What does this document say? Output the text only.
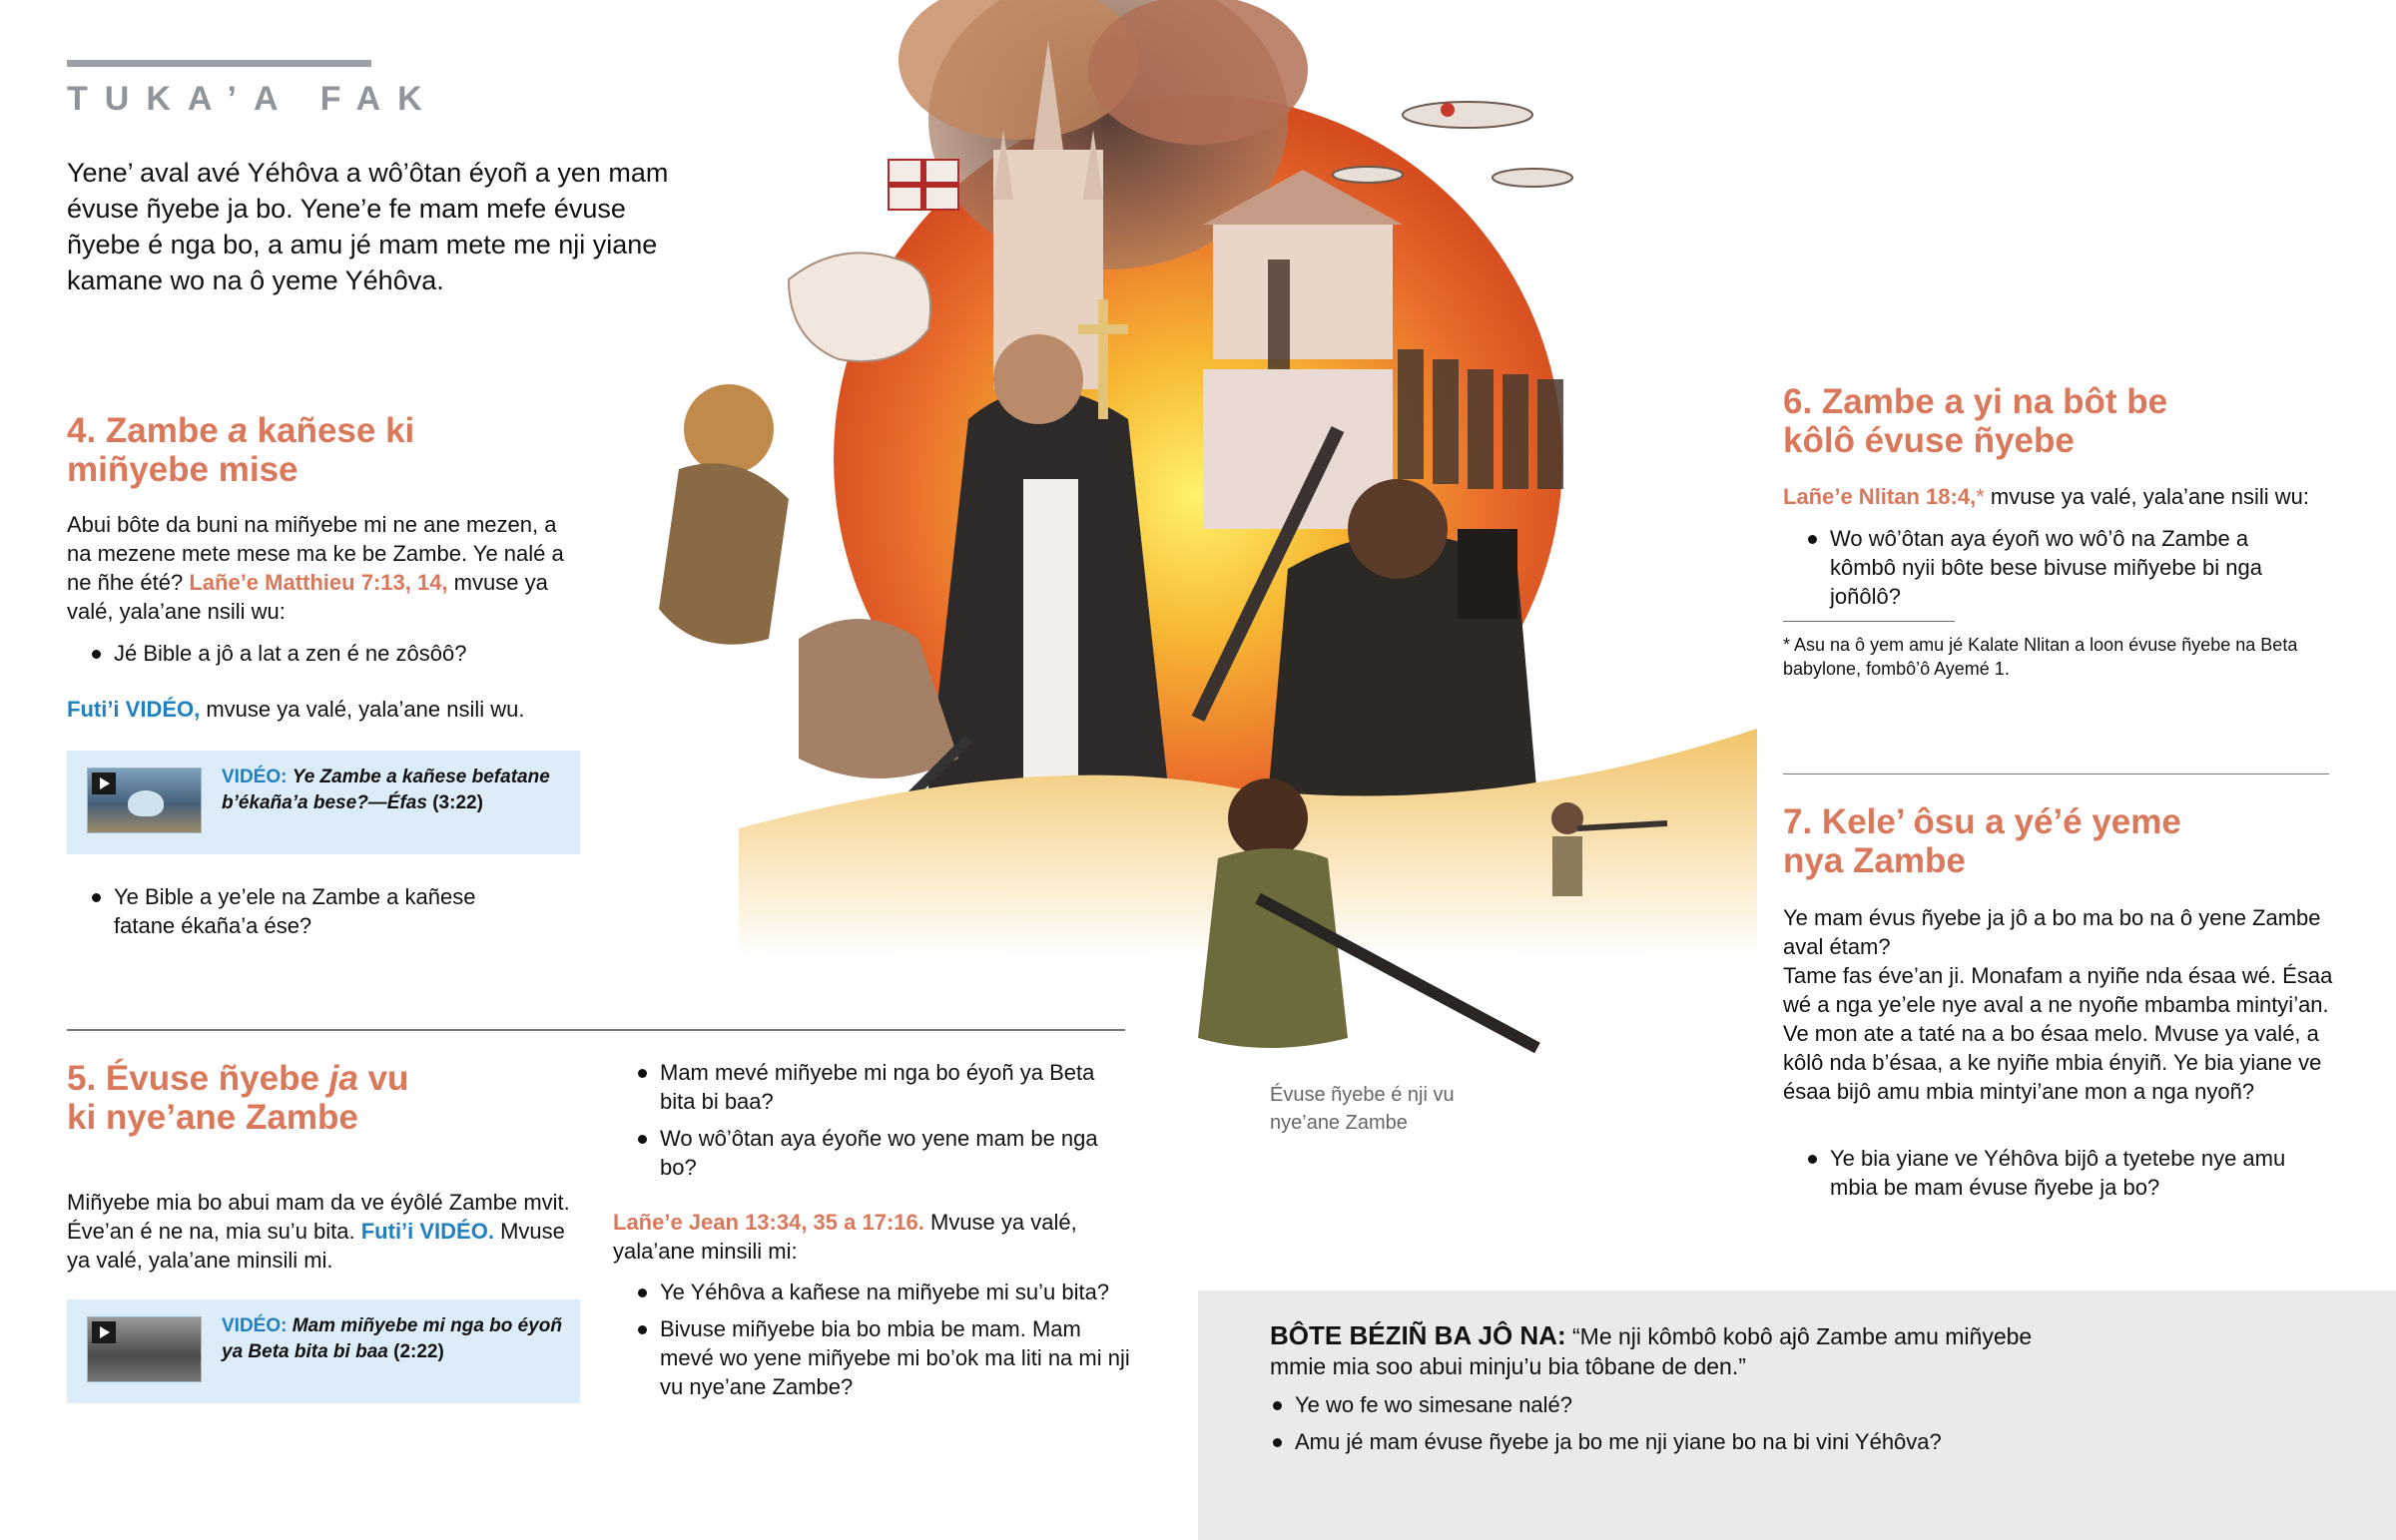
TUKA’A FAK

Yene’ aval avé Yéhôva a wô’ôtan éyoñ a yen mam évuse ñyebe ja bo. Yene’e fe mam mefe évuse ñyebe é nga bo, a amu jé mam mete me nji yiane kamane wo na ô yeme Yéhôva.

4. Zambe a kañese ki
miñyebe mise

Abui bôte da buni na miñyebe mi ne ane mezen, a na mezene mete mese ma ke be Zambe. Ye nalé a ne ñhe été? Lañe’e Matthieu 7:13, 14, mvuse ya valé, yala’ane nsili wu:

Jé Bible a jô a lat a zen é ne zôsôô?

Futi’i VIDÉO, mvuse ya valé, yala’ane nsili wu.

VIDÉO: Ye Zambe a kañese befatane b’ékaña’a bese?—Éfas (3:22)
Ye Bible a ye’ele na Zambe a kañese fatane ékaña’a ése?
5. Évuse ñyebe ja vu
ki nye’ane Zambe

Miñyebe mia bo abui mam da ve éyôlé Zambe mvit. Éve’an é ne na, mia su’u bita. Futi’i VIDÉO. Mvuse ya valé, yala’ane minsili mi.

VIDÉO: Mam miñyebe mi nga bo éyoñ ya Beta bita bi baa (2:22)
Mam mevé miñyebe mi nga bo éyoñ ya Beta bita bi baa?
Wo wô’ôtan aya éyoñe wo yene mam be nga bo?

Lañe’e Jean 13:34, 35 a 17:16. Mvuse ya valé, yala’ane minsili mi:

Ye Yéhôva a kañese na miñyebe mi su’u bita?
Bivuse miñyebe bia bo mbia be mam. Mam mevé wo yene miñyebe mi bo’ok ma liti na mi nji vu nye’ane Zambe?

Évuse ñyebe é nji vu nye’ane Zambe

6. Zambe a yi na bôt be
kôlô évuse ñyebe

Lañe’e Nlitan 18:4,* mvuse ya valé, yala’ane nsili wu:

Wo wô’ôtan aya éyoñ wo wô’ô na Zambe a kômbô nyii bôte bese bivuse miñyebe bi nga joñôlô?

* Asu na ô yem amu jé Kalate Nlitan a loon évuse ñyebe na Beta babylone, fombô’ô Ayemé 1.

7. Kele’ ôsu a yé’é yeme
nya Zambe

Ye mam évus ñyebe ja jô a bo ma bo na ô yene Zambe aval étam?
Tame fas éve’an ji. Monafam a nyiñe nda ésaa wé. Ésaa wé a nga ye’ele nye aval a ne nyoñe mbamba mintyi’an. Ve mon ate a taté na a bo ésaa melo. Mvuse ya valé, a kôlô nda b’ésaa, a ke nyiñe mbia ényiñ. Ye bia yiane ve ésaa bijô amu mbia mintyi’ane mon a nga nyoñ?

Ye bia yiane ve Yéhôva bijô a tyetebe nye amu mbia be mam évuse ñyebe ja bo?

BÔTE BÉZIÑ BA JÔ NA: “Me nji kômbô kobô ajô Zambe amu miñyebe mmie mia soo abui minju’u bia tôbane de den.”

Ye wo fe wo simesane nalé?
Amu jé mam évuse ñyebe ja bo me nji yiane bo na bi vini Yéhôva?
